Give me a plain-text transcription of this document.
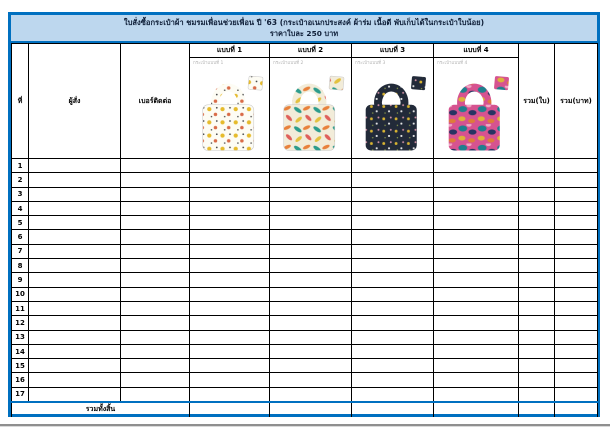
ใบสั่งซื้อกระเป๋าผ้า ชมรมเพื่อนช่วยเพื่อน ปี '63 (กระเป๋าอเนกประสงค์ ผ้าร่ม เนื้อดี พับเก็บได้ในกระเป๋าใบน้อย)
ราคาใบละ 250 บาท
ที่	ผู้สั่ง	เบอร์ติดต่อ	แบบที่ 1	แบบที่ 2	แบบที่ 3	แบบที่ 4	รวม(ใบ)	รวม(บาท)

			กระเป๋าแบบที่ 1	กระเป๋าแบบที่ 2	กระเป๋าแบบที่ 3	กระเป๋าแบบที่ 4		

1								
2								
3								
4								
5								
6								
7								
8								
9								
10								
11								
12								
13								
14								
15								
16								
17								
รวมทั้งสิ้น								
